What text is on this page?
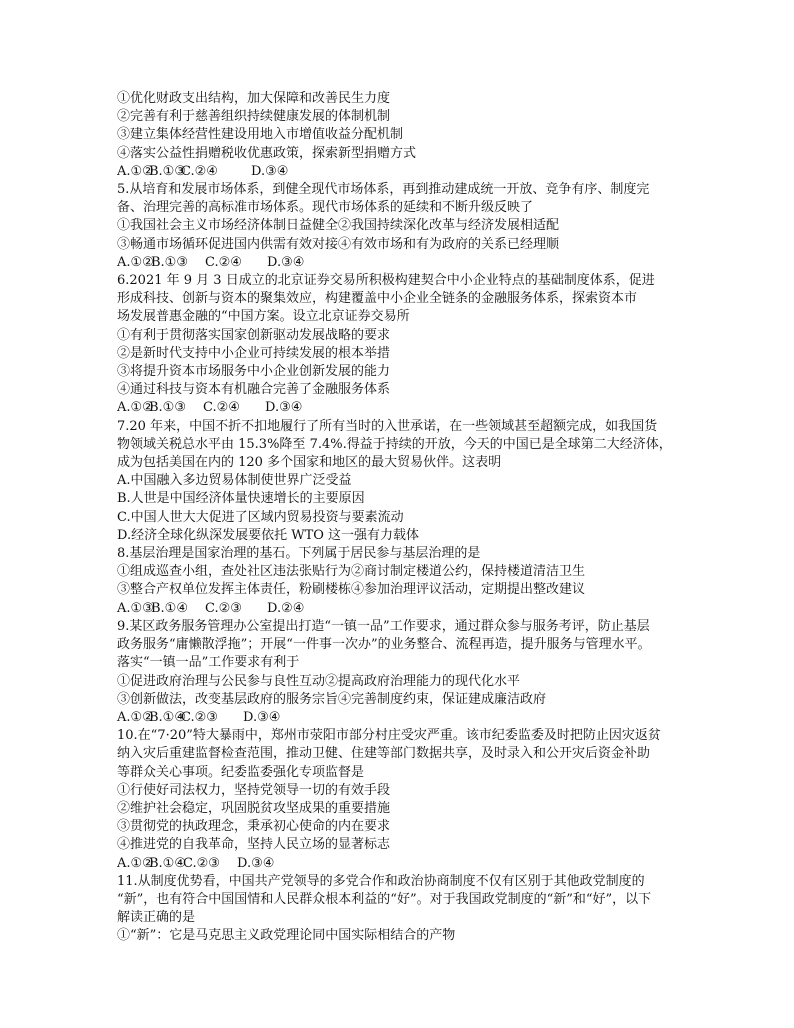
①优化财政支出结构，加大保障和改善民生力度
②完善有利于慈善组织持续健康发展的体制机制
③建立集体经营性建设用地入市增值收益分配机制
④落实公益性捐赠税收优惠政策，探索新型捐赠方式
A.①②
B.①③
C.②④	D.③④
5.从培育和发展市场体系，到健全现代市场体系，再到推动建成统一开放、竞争有序、制度完
备、治理完善的高标准市场体系。现代市场体系的延续和不断升级反映了
①我国社会主义市场经济体制日益健全②我国持续深化改革与经济发展相适配
③畅通市场循环促进国内供需有效对接④有效市场和有为政府的关系已经理顺
A.①②
B.①③	C.②④	D.③④
6.2021 年 9 月 3 日成立的北京证券交易所积极构建契合中小企业特点的基础制度体系，促进
形成科技、创新与资本的聚集效应，构建覆盖中小企业全链条的金融服务体系，探索资本市
场发展普惠金融的“中国方案。设立北京证券交易所
①有利于贯彻落实国家创新驱动发展战略的要求
②是新时代支持中小企业可持续发展的根本举措
③将提升资本市场服务中小企业创新发展的能力
④通过科技与资本有机融合完善了金融服务体系
A.①②
B.①③	C.②④	D.③④
7.20 年来，中国不折不扣地履行了所有当时的入世承诺，在一些领域甚至超额完成，如我国货
物领域关税总水平由 15.3%降至 7.4%.得益于持续的开放，今天的中国已是全球第二大经济体，
成为包括美国在内的 120 多个国家和地区的最大贸易伙伴。这表明
A.中国融入多边贸易体制使世界广泛受益
B.人世是中国经济体量快速增长的主要原因
C.中国人世大大促进了区域内贸易投资与要素流动
D.经济全球化纵深发展要依托 WTO 这一强有力载体
8.基层治理是国家治理的基石。下列属于居民参与基层治理的是
①组成巡查小组，查处社区违法张贴行为②商讨制定楼道公约，保持楼道清洁卫生
③整合产权单位发挥主体责任，粉刷楼栋④参加治理评议活动，定期提出整改建议
A.①③
B.①④	C.②③	D.②④
9.某区政务服务管理办公室提出打造“一镇一品”工作要求，通过群众参与服务考评，防止基层
政务服务“庸懒散浮拖”；开展“一件事一次办”的业务整合、流程再造，提升服务与管理水平。
落实“一镇一品”工作要求有利于
①促进政府治理与公民参与良性互动②提高政府治理能力的现代化水平
③创新做法，改变基层政府的服务宗旨④完善制度约束，保证建成廉洁政府
A.①②
B.①④
C.②③	D.③④
10.在“7·20”特大暴雨中，郑州市荥阳市部分村庄受灾严重。该市纪委监委及时把防止因灾返贫
纳入灾后重建监督检查范围，推动卫健、住建等部门数据共享，及时录入和公开灾后资金补助
等群众关心事项。纪委监委强化专项监督是
①行使好司法权力，坚持党领导一切的有效手段
②维护社会稳定，巩固脱贫攻坚成果的重要措施
③贯彻党的执政理念，秉承初心使命的内在要求
④推进党的自我革命，坚持人民立场的显著标志
A.①②
B.①④
C.②③	D.③④
11.从制度优势看，中国共产党领导的多党合作和政治协商制度不仅有区别于其他政党制度的
“新”，也有符合中国国情和人民群众根本利益的“好”。对于我国政党制度的“新”和“好”，以下
解读正确的是
①“新”：它是马克思主义政党理论同中国实际相结合的产物
